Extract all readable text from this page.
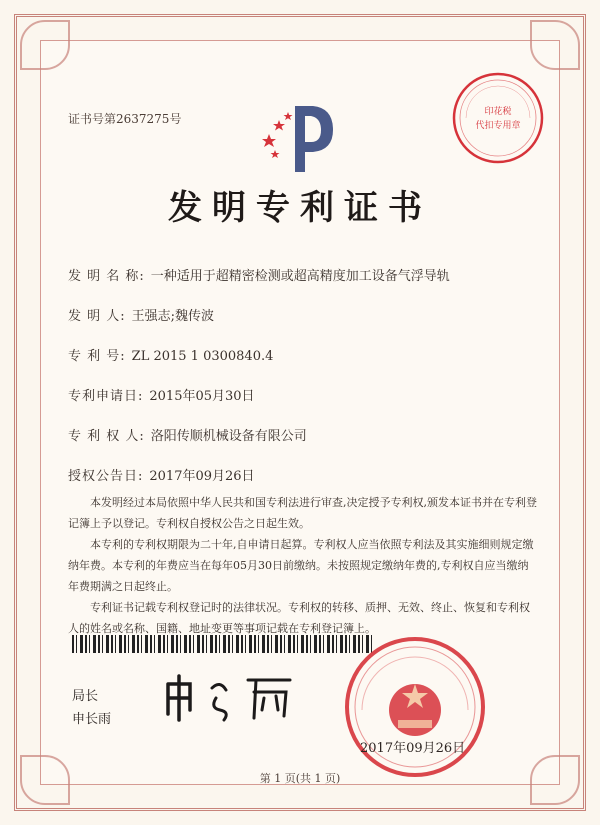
证书号第2637275号	印花税
代扣专用章
发明专利证书
发 明 名 称: 一种适用于超精密检测或超高精度加工设备气浮导轨
发 明 人: 王强志;魏传波
专 利 号: ZL 2015 1 0300840.4
专利申请日: 2015年05月30日
专 利 权 人: 洛阳传顺机械设备有限公司
授权公告日: 2017年09月26日

本发明经过本局依照中华人民共和国专利法进行审查,决定授予专利权,颁发本证书并在专利登记簿上予以登记。专利权自授权公告之日起生效。

本专利的专利权期限为二十年,自申请日起算。专利权人应当依照专利法及其实施细则规定缴纳年费。本专利的年费应当在每年05月30日前缴纳。未按照规定缴纳年费的,专利权自应当缴纳年费期满之日起终止。

专利证书记载专利权登记时的法律状况。专利权的转移、质押、无效、终止、恢复和专利权人的姓名或名称、国籍、地址变更等事项记载在专利登记簿上。

局长
申长雨
2017年09月26日
第 1 页(共 1 页)
